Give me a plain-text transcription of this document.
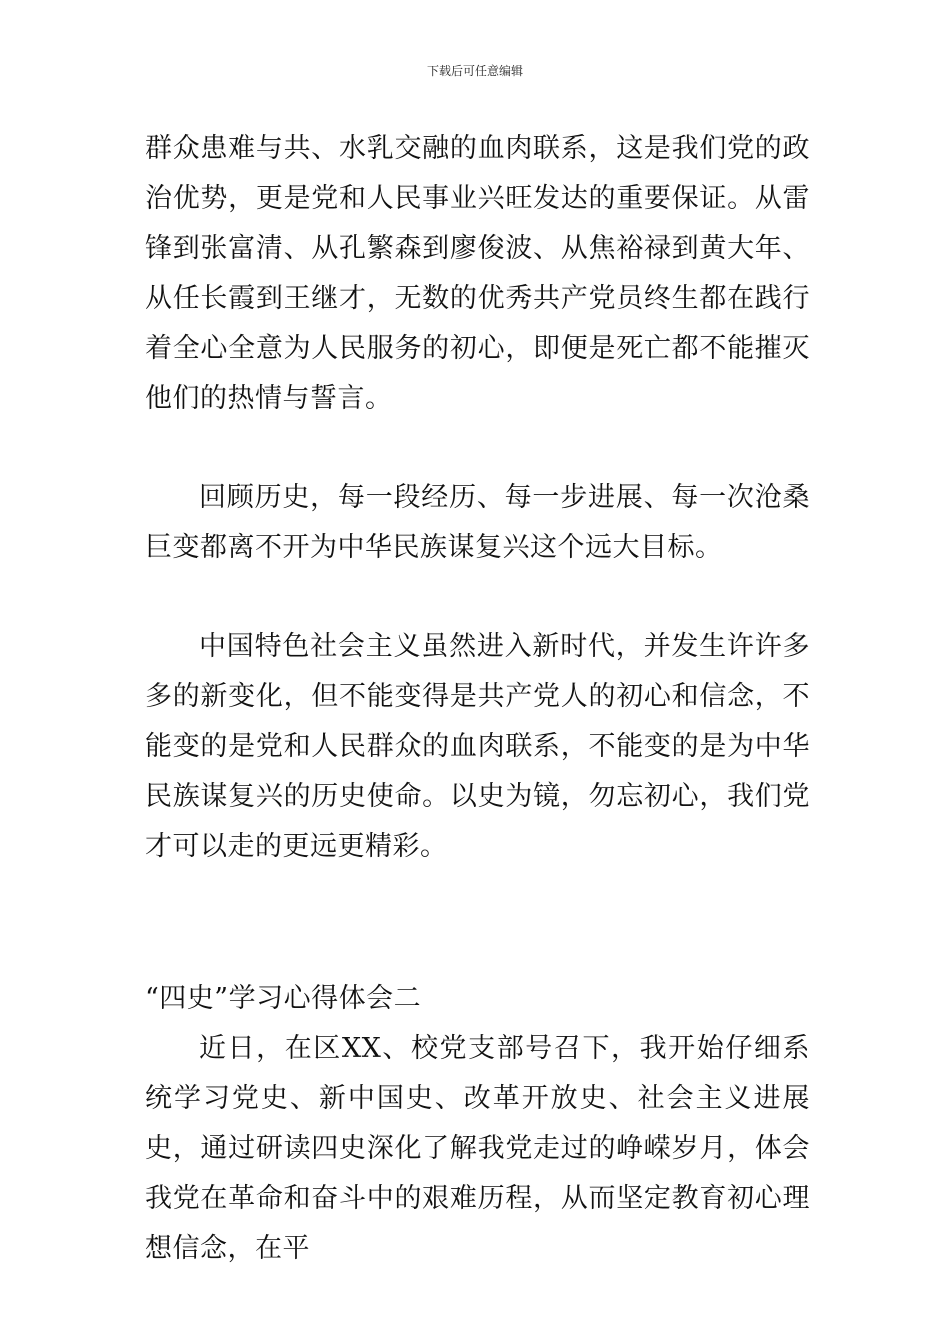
下载后可任意编辑

群众患难与共、水乳交融的血肉联系，这是我们党的政治优势，更是党和人民事业兴旺发达的重要保证。从雷锋到张富清、从孔繁森到廖俊波、从焦裕禄到黄大年、从任长霞到王继才，无数的优秀共产党员终生都在践行着全心全意为人民服务的初心，即便是死亡都不能摧灭他们的热情与誓言。

回顾历史，每一段经历、每一步进展、每一次沧桑巨变都离不开为中华民族谋复兴这个远大目标。

中国特色社会主义虽然进入新时代，并发生许许多多的新变化，但不能变得是共产党人的初心和信念，不能变的是党和人民群众的血肉联系，不能变的是为中华民族谋复兴的历史使命。以史为镜，勿忘初心，我们党才可以走的更远更精彩。

“四史”学习心得体会二

近日，在区XX、校党支部号召下，我开始仔细系统学习党史、新中国史、改革开放史、社会主义进展史，通过研读四史深化了解我党走过的峥嵘岁月，体会我党在革命和奋斗中的艰难历程，从而坚定教育初心理想信念，在平
